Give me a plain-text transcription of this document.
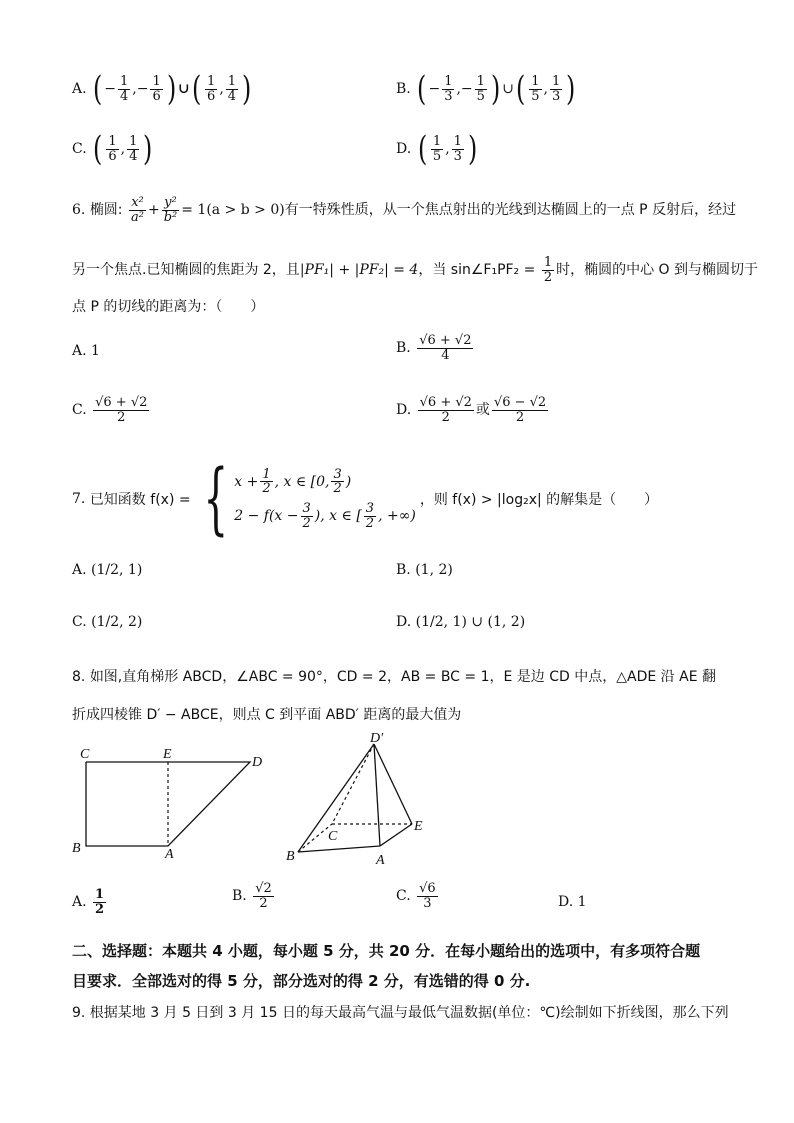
A. ( − $\frac{1}{4}$ ,− $\frac{1}{6}$ ) ∪( $\frac{1}{6}$ , $\frac{1}{4}$ )	B. ( − $\frac{1}{3}$ ,− $\frac{1}{5}$ ) ∪( $\frac{1}{5}$ , $\frac{1}{3}$ )
C. ( $\frac{1}{6}$ , $\frac{1}{4}$ )	D. ( $\frac{1}{5}$ , $\frac{1}{3}$ )
6. 椭圆: $\frac{\text{x²}}{\text{a²}} + \frac{\text{y²}}{\text{b²}} = 1(a > b > 0)$有一特殊性质，从一个焦点射出的光线到达椭圆上的一点 P 反射后，经过
另一个焦点.已知椭圆的焦距为 2，且|PF₁| + |PF₂| = 4，当 sin∠F₁PF₂ = $\frac{1}{2}$ 时，椭圆的中心 O 到与椭圆切于
点 P 的切线的距离为：（　　）
A. 1	B. $\frac{√6 + √2}{4}$
C. $\frac{√6 + √2}{2}$	D. $\frac{√6 + √2}{2}$ 或 $\frac{√6 - √2}{2}$
7.
已知函数 f(x) = { $x + \frac{1}{2}$ , x ∈ [0, $\frac{3}{2}$ )
$2 - f(x - \frac{3}{2}$ ), x ∈ [ $\frac{3}{2}$ , +∞)
，则 f(x) > |log₂x| 的解集是（　　）
A. (1/2, 1)	B. (1, 2)
C. (1/2, 2)	D. (1/2, 1) ∪ (1, 2)
8. 如图,直角梯形 ABCD，∠ABC = 90°，CD = 2，AB = BC = 1，E 是边 CD 中点，△ADE 沿 AE 翻
折成四棱锥 D′ − ABCE，则点 C 到平面 ABD′ 距离的最大值为
C	E
D
B	A
D′
C
E
B	A
A. $\frac{1}{2}$	B. $\frac{√2}{2}$	C. $\frac{√6}{3}$	D. 1
二、选择题：本题共 4 小题，每小题 5 分，共 20 分．在每小题给出的选项中，有多项符合题
目要求．全部选对的得 5 分，部分选对的得 2 分，有选错的得 0 分.
9. 根据某地 3 月 5 日到 3 月 15 日的每天最高气温与最低气温数据(单位：℃)绘制如下折线图，那么下列
